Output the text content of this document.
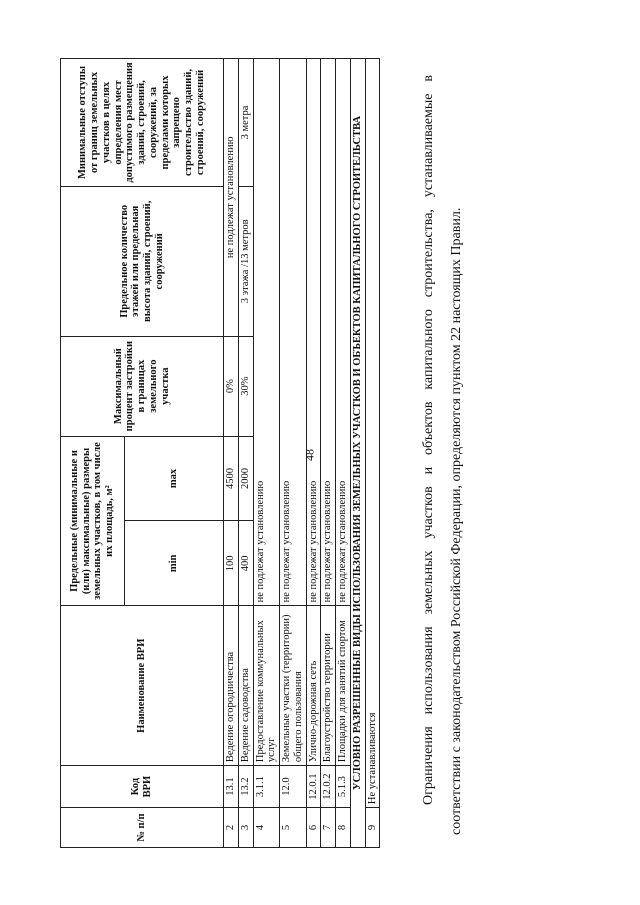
48
№ п/п	Код ВРИ	Наименование ВРИ	Предельные (минимальные и (или) максимальные) размеры земельных участков, в том числе их площадь, м²		Максимальный процент застройки в границах земельного участка	Предельное количество этажей или предельная высота зданий, строений, сооружений	Минимальные отступы от границ земельных участков в целях определения мест допустимого размещения зданий, строений, сооружений, за пределами которых запрещено строительство зданий, строений, сооружений
			min	max			
2	13.1	Ведение огородничества	100	4500	0%	не подлежат установлению	
3	13.2	Ведение садоводства	400	2000	30%	3 этажа /13 метров	3 метра
4	3.1.1	Предоставление коммунальных услуг	не подлежат установлению				
5	12.0	Земельные участки (территории) общего пользования	не подлежат установлению				
6	12.0.1	Улично-дорожная сеть	не подлежат установлению				
7	12.0.2	Благоустройство территории	не подлежат установлению				
8	5.1.3	Площадки для занятий спортом	не подлежат установлению				
УСЛОВНО РАЗРЕШЕННЫЕ ВИДЫ ИСПОЛЬЗОВАНИЯ ЗЕМЕЛЬНЫХ УЧАСТКОВ И ОБЪЕКТОВ КАПИТАЛЬНОГО СТРОИТЕЛЬСТВА							
9	Не устанавливаются							Ограничения использования земельных участков и объектов капитального строительства, устанавливаемые в соответствии с законодательством Российской Федерации, определяются пунктом 22 настоящих Правил.
